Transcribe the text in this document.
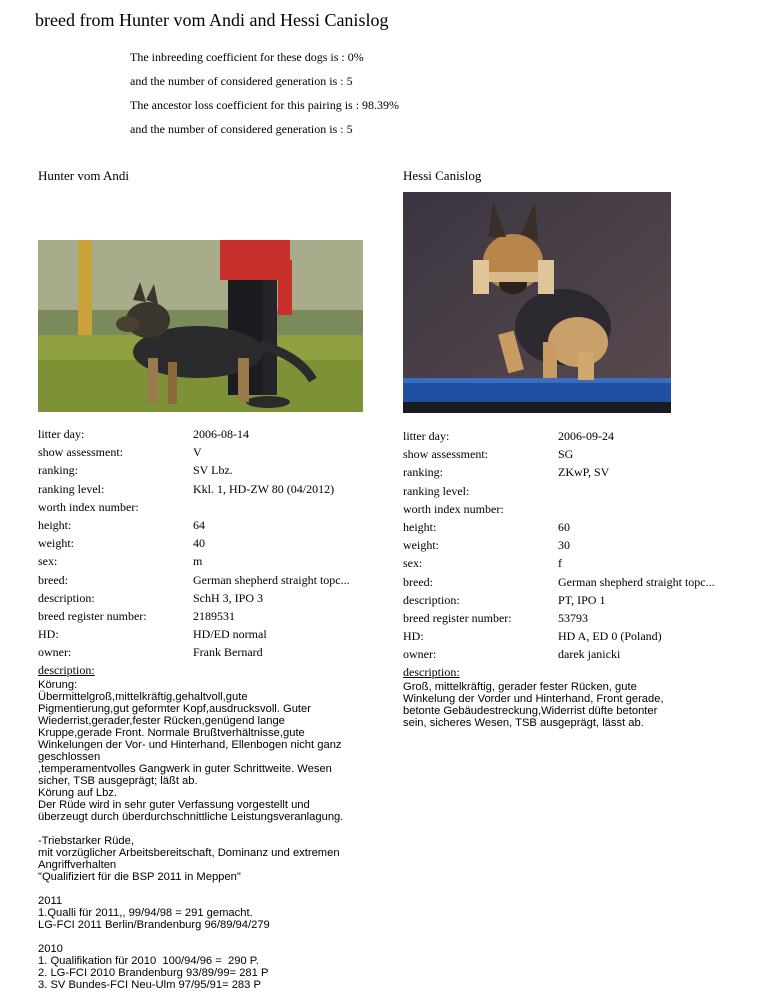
breed from Hunter vom Andi and Hessi Canislog
The inbreeding coefficient for these dogs is : 0%
and the number of considered generation is : 5
The ancestor loss coefficient for this pairing is : 98.39%
and the number of considered generation is : 5
Hunter vom Andi
litter day:	2006-08-14
show assessment:	V
ranking:	SV Lbz.
ranking level:	Kkl. 1, HD-ZW 80 (04/2012)
worth index number:
height:	64
weight:	40
sex:	m
breed:	German shepherd straight topc...
description:	SchH 3, IPO 3
breed register number:	2189531
HD:	HD/ED normal
owner:	Frank Bernard
description:
Körung:
Übermittelgroß,mittelkräftig,gehaltvoll,gute
Pigmentierung,gut geformter Kopf,ausdrucksvoll. Guter
Wiederrist,gerader,fester Rücken,genügend lange
Kruppe,gerade Front. Normale Brußtverhältnisse,gute
Winkelungen der Vor- und Hinterhand, Ellenbogen nicht ganz
geschlossen
,temperamentvolles Gangwerk in guter Schrittweite. Wesen
sicher, TSB ausgeprägt; läßt ab.
Körung auf Lbz.
Der Rüde wird in sehr guter Verfassung vorgestellt und
überzeugt durch überdurchschnittliche Leistungsveranlagung.

-Triebstarker Rüde,
mit vorzüglicher Arbeitsbereitschaft, Dominanz und extremen
Angriffverhalten
"Qualifiziert für die BSP 2011 in Meppen"

2011
1.Qualli für 2011,, 99/94/98 = 291 gemacht.
LG-FCI 2011 Berlin/Brandenburg 96/89/94/279

2010
1. Qualifikation für 2010  100/94/96 =  290 P.
2. LG-FCI 2010 Brandenburg 93/89/99= 281 P
3. SV Bundes-FCI Neu-Ulm 97/95/91= 283 P
Hessi Canislog
litter day:	2006-09-24
show assessment:	SG
ranking:	ZKwP, SV
ranking level:
worth index number:
height:	60
weight:	30
sex:	f
breed:	German shepherd straight topc...
description:	PT, IPO 1
breed register number:	53793
HD:	HD A, ED 0 (Poland)
owner:	darek janicki
description:
Groß, mittelkräftig, gerader fester Rücken, gute
Winkelung der Vorder und Hinterhand, Front gerade,
betonte Gebäudestreckung,Widerrist düfte betonter
sein, sicheres Wesen, TSB ausgeprägt, lässt ab.
